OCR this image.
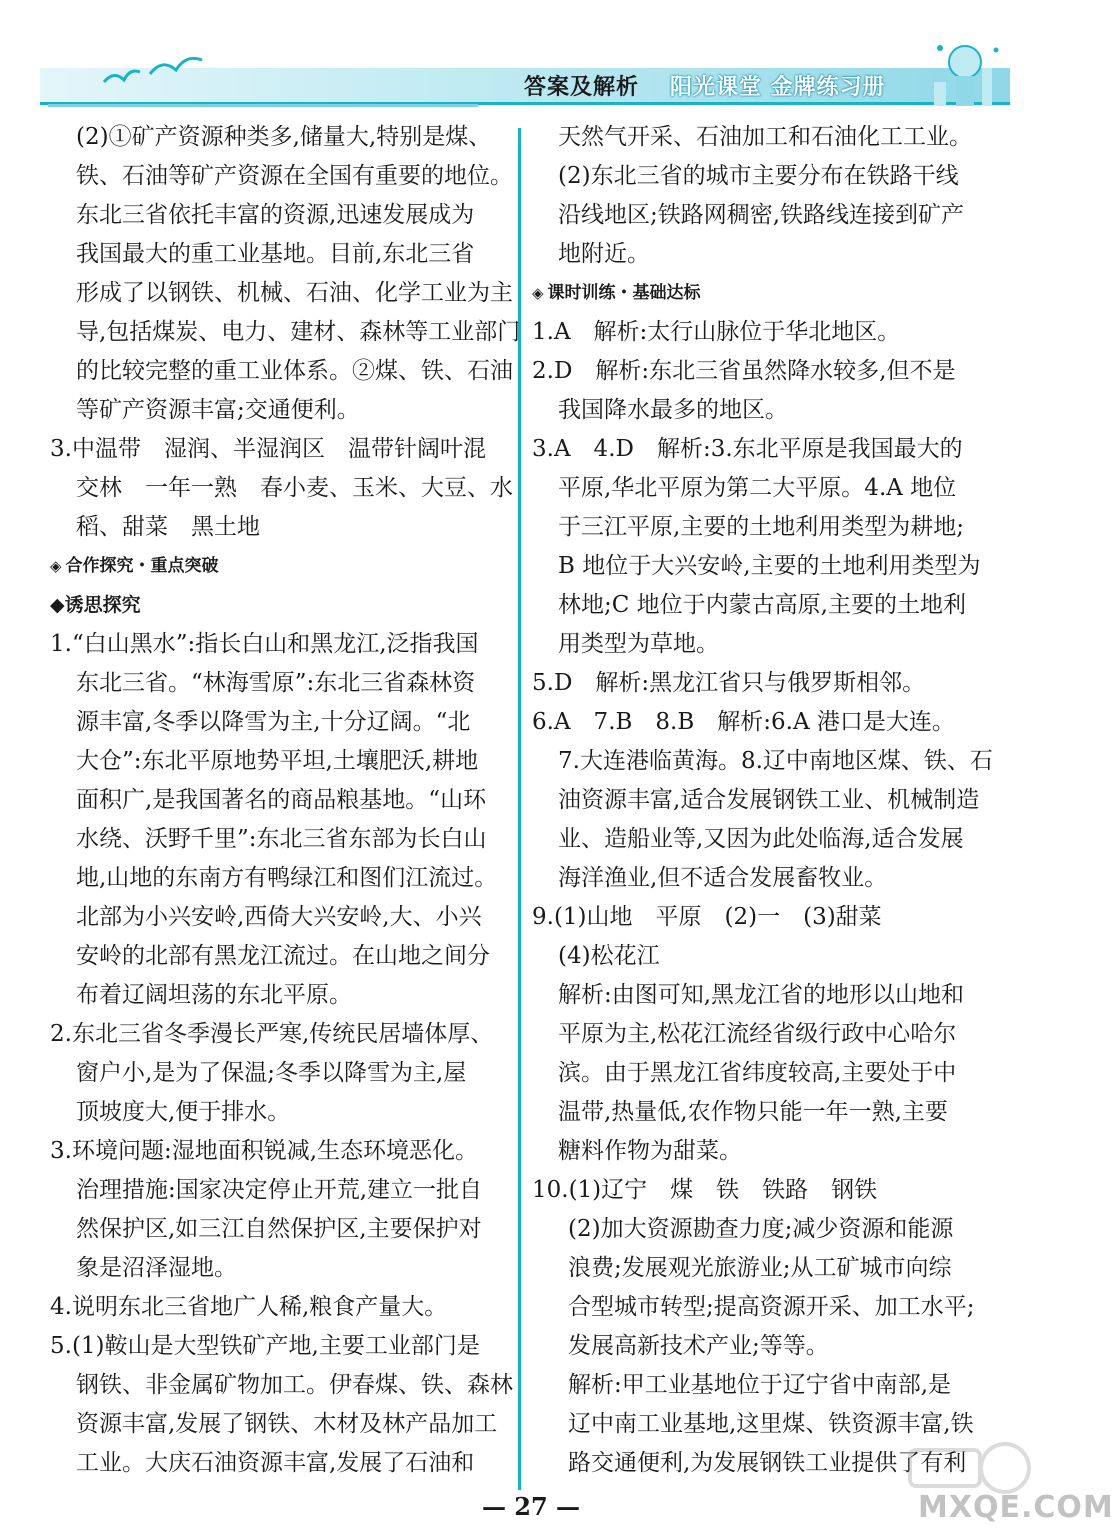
答案及解析 阳光课堂 金牌练习册
(2)①矿产资源种类多,储量大,特别是煤、
铁、石油等矿产资源在全国有重要的地位。
东北三省依托丰富的资源,迅速发展成为
我国最大的重工业基地。目前,东北三省
形成了以钢铁、机械、石油、化学工业为主
导,包括煤炭、电力、建材、森林等工业部门
的比较完整的重工业体系。②煤、铁、石油
等矿产资源丰富;交通便利。
3.中温带　湿润、半湿润区　温带针阔叶混
交林　一年一熟　春小麦、玉米、大豆、水
稻、甜菜　黑土地
◈ 合作探究・重点突破
◆诱思探究
1.“白山黑水”:指长白山和黑龙江,泛指我国
东北三省。“林海雪原”:东北三省森林资
源丰富,冬季以降雪为主,十分辽阔。“北
大仓”:东北平原地势平坦,土壤肥沃,耕地
面积广,是我国著名的商品粮基地。“山环
水绕、沃野千里”:东北三省东部为长白山
地,山地的东南方有鸭绿江和图们江流过。
北部为小兴安岭,西倚大兴安岭,大、小兴
安岭的北部有黑龙江流过。在山地之间分
布着辽阔坦荡的东北平原。
2.东北三省冬季漫长严寒,传统民居墙体厚、
窗户小,是为了保温;冬季以降雪为主,屋
顶坡度大,便于排水。
3.环境问题:湿地面积锐减,生态环境恶化。
治理措施:国家决定停止开荒,建立一批自
然保护区,如三江自然保护区,主要保护对
象是沼泽湿地。
4.说明东北三省地广人稀,粮食产量大。
5.(1)鞍山是大型铁矿产地,主要工业部门是
钢铁、非金属矿物加工。伊春煤、铁、森林
资源丰富,发展了钢铁、木材及林产品加工
工业。大庆石油资源丰富,发展了石油和
天然气开采、石油加工和石油化工工业。
(2)东北三省的城市主要分布在铁路干线
沿线地区;铁路网稠密,铁路线连接到矿产
地附近。
◈ 课时训练・基础达标
1.A　解析:太行山脉位于华北地区。
2.D　解析:东北三省虽然降水较多,但不是
我国降水最多的地区。
3.A　4.D　解析:3.东北平原是我国最大的
平原,华北平原为第二大平原。4.A 地位
于三江平原,主要的土地利用类型为耕地;
B 地位于大兴安岭,主要的土地利用类型为
林地;C 地位于内蒙古高原,主要的土地利
用类型为草地。
5.D　解析:黑龙江省只与俄罗斯相邻。
6.A　7.B　8.B　解析:6.A 港口是大连。
7.大连港临黄海。8.辽中南地区煤、铁、石
油资源丰富,适合发展钢铁工业、机械制造
业、造船业等,又因为此处临海,适合发展
海洋渔业,但不适合发展畜牧业。
9.(1)山地　平原　(2)一　(3)甜菜
(4)松花江
解析:由图可知,黑龙江省的地形以山地和
平原为主,松花江流经省级行政中心哈尔
滨。由于黑龙江省纬度较高,主要处于中
温带,热量低,农作物只能一年一熟,主要
糖料作物为甜菜。
10.(1)辽宁　煤　铁　铁路　钢铁
(2)加大资源勘查力度;减少资源和能源
浪费;发展观光旅游业;从工矿城市向综
合型城市转型;提高资源开采、加工水平;
发展高新技术产业;等等。
解析:甲工业基地位于辽宁省中南部,是
辽中南工业基地,这里煤、铁资源丰富,铁
路交通便利,为发展钢铁工业提供了有利
MXQE.COM
— 27 —
